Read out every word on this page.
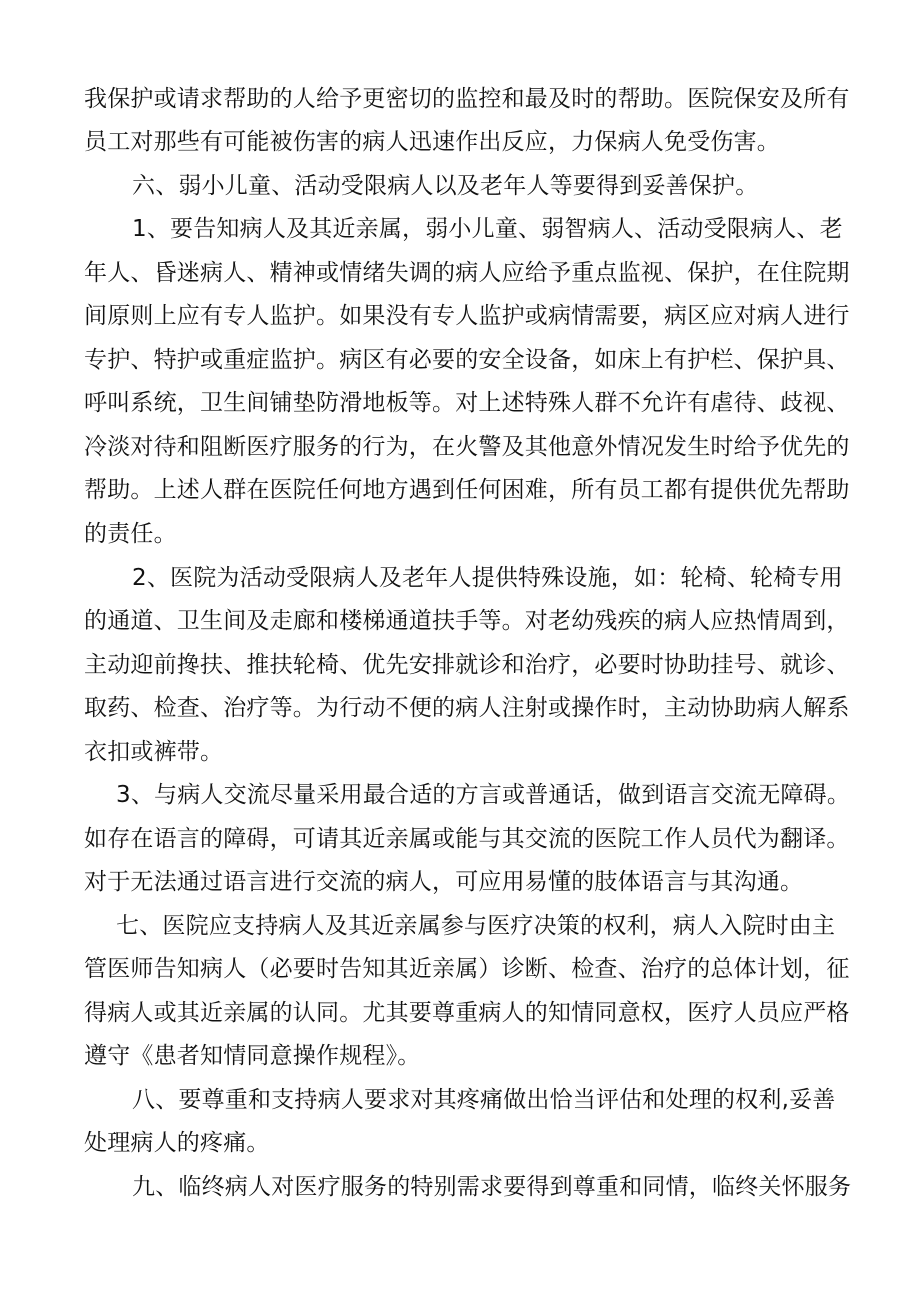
我保护或请求帮助的人给予更密切的监控和最及时的帮助。医院保安及所有
员工对那些有可能被伤害的病人迅速作出反应，力保病人免受伤害。
六、弱小儿童、活动受限病人以及老年人等要得到妥善保护。
1、要告知病人及其近亲属，弱小儿童、弱智病人、活动受限病人、老
年人、昏迷病人、精神或情绪失调的病人应给予重点监视、保护，在住院期
间原则上应有专人监护。如果没有专人监护或病情需要，病区应对病人进行
专护、特护或重症监护。病区有必要的安全设备，如床上有护栏、保护具、
呼叫系统，卫生间铺垫防滑地板等。对上述特殊人群不允许有虐待、歧视、
冷淡对待和阻断医疗服务的行为，在火警及其他意外情况发生时给予优先的
帮助。上述人群在医院任何地方遇到任何困难，所有员工都有提供优先帮助
的责任。
2、医院为活动受限病人及老年人提供特殊设施，如：轮椅、轮椅专用
的通道、卫生间及走廊和楼梯通道扶手等。对老幼残疾的病人应热情周到，
主动迎前搀扶、推扶轮椅、优先安排就诊和治疗，必要时协助挂号、就诊、
取药、检查、治疗等。为行动不便的病人注射或操作时，主动协助病人解系
衣扣或裤带。
3、与病人交流尽量采用最合适的方言或普通话，做到语言交流无障碍。
如存在语言的障碍，可请其近亲属或能与其交流的医院工作人员代为翻译。
对于无法通过语言进行交流的病人，可应用易懂的肢体语言与其沟通。
七、医院应支持病人及其近亲属参与医疗决策的权利，病人入院时由主
管医师告知病人（必要时告知其近亲属）诊断、检查、治疗的总体计划，征
得病人或其近亲属的认同。尤其要尊重病人的知情同意权，医疗人员应严格
遵守《患者知情同意操作规程》。
八、要尊重和支持病人要求对其疼痛做出恰当评估和处理的权利,妥善
处理病人的疼痛。
九、临终病人对医疗服务的特别需求要得到尊重和同情，临终关怀服务
